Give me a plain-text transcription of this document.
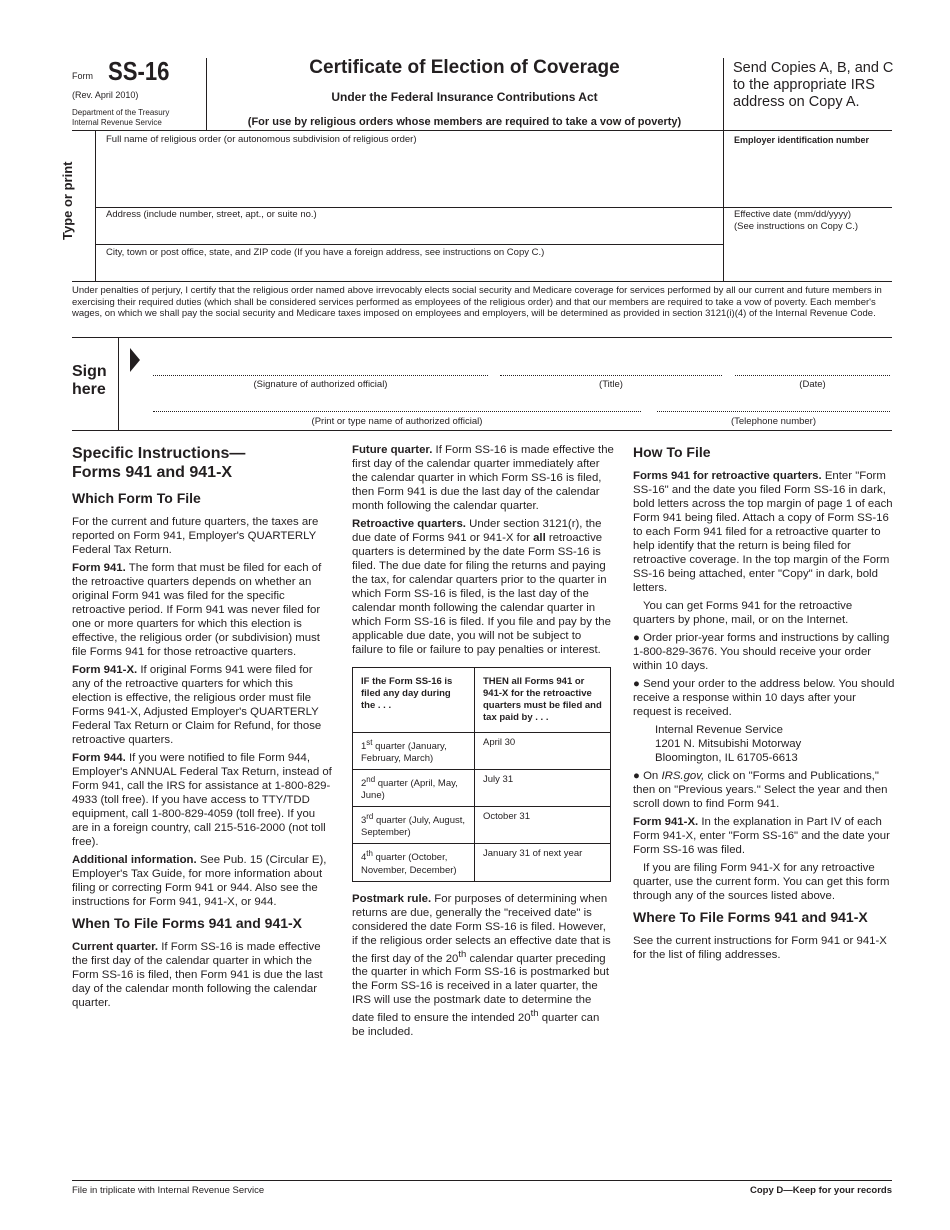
Form SS-16
(Rev. April 2010)
Department of the Treasury
Internal Revenue Service
Certificate of Election of Coverage
Under the Federal Insurance Contributions Act
(For use by religious orders whose members are required to take a vow of poverty)
Send Copies A, B, and C to the appropriate IRS address on Copy A.
Type or print
Full name of religious order (or autonomous subdivision of religious order)	Employer identification number
Address (include number, street, apt., or suite no.)	Effective date (mm/dd/yyyy)
(See instructions on Copy C.)
City, town or post office, state, and ZIP code (If you have a foreign address, see instructions on Copy C.)
Under penalties of perjury, I certify that the religious order named above irrevocably elects social security and Medicare coverage for services performed by all our current and future members in exercising their required duties (which shall be considered services performed as employees of the religious order) and that our members are required to take a vow of poverty. Each member's wages, on which we shall pay the social security and Medicare taxes imposed on employees and employers, will be determined as provided in section 3121(i)(4) of the Internal Revenue Code.
Sign
here	(Signature of authorized official)	(Title)	(Date)
(Print or type name of authorized official)	(Telephone number)
Specific Instructions—
Forms 941 and 941-X
Which Form To File

For the current and future quarters, the taxes are reported on Form 941, Employer's QUARTERLY Federal Tax Return.

Form 941. The form that must be filed for each of the retroactive quarters depends on whether an original Form 941 was filed for the specific retroactive period. If Form 941 was never filed for one or more quarters for which this election is effective, the religious order (or subdivision) must file Forms 941 for those retroactive quarters.

Form 941-X. If original Forms 941 were filed for any of the retroactive quarters for which this election is effective, the religious order must file Forms 941-X, Adjusted Employer's QUARTERLY Federal Tax Return or Claim for Refund, for those retroactive quarters.

Form 944. If you were notified to file Form 944, Employer's ANNUAL Federal Tax Return, instead of Form 941, call the IRS for assistance at 1-800-829-4933 (toll free). If you have access to TTY/TDD equipment, call 1-800-829-4059 (toll free). If you are in a foreign country, call 215-516-2000 (not toll free).

Additional information. See Pub. 15 (Circular E), Employer's Tax Guide, for more information about filing or correcting Form 941 or 944. Also see the instructions for Form 941, 941-X, or 944.

When To File Forms 941 and 941-X

Current quarter. If Form SS-16 is made effective the first day of the calendar quarter in which the Form SS-16 is filed, then Form 941 is due the last day of the calendar month following the calendar quarter.

Future quarter. If Form SS-16 is made effective the first day of the calendar quarter immediately after the calendar quarter in which Form SS-16 is filed, then Form 941 is due the last day of the calendar month following the calendar quarter.

Retroactive quarters. Under section 3121(r), the due date of Forms 941 or 941-X for all retroactive quarters is determined by the date Form SS-16 is filed. The due date for filing the returns and paying the tax, for calendar quarters prior to the quarter in which Form SS-16 is filed, is the last day of the calendar month following the calendar quarter in which Form SS-16 is filed. If you file and pay by the applicable due date, you will not be subject to failure to file or failure to pay penalties or interest.

IF the Form SS-16 is filed any day during the . . .	THEN all Forms 941 or 941-X for the retroactive quarters must be filed and tax paid by . . .
1st quarter (January, February, March)	April 30
2nd quarter (April, May, June)	July 31
3rd quarter (July, August, September)	October 31
4th quarter (October, November, December)	January 31 of next year

Postmark rule. For purposes of determining when returns are due, generally the "received date" is considered the date Form SS-16 is filed. However, if the religious order selects an effective date that is the first day of the 20th calendar quarter preceding the quarter in which Form SS-16 is postmarked but the Form SS-16 is received in a later quarter, the IRS will use the postmark date to determine the date filed to ensure the intended 20th quarter can be included.

How To File

Forms 941 for retroactive quarters. Enter "Form SS-16" and the date you filed Form SS-16 in dark, bold letters across the top margin of page 1 of each Form 941 being filed. Attach a copy of Form SS-16 to each Form 941 filed for a retroactive quarter to help identify that the return is being filed for retroactive coverage. In the top margin of the Form SS-16 being attached, enter "Copy" in dark, bold letters.

You can get Forms 941 for the retroactive quarters by phone, mail, or on the Internet.

● Order prior-year forms and instructions by calling 1-800-829-3676. You should receive your order within 10 days.

● Send your order to the address below. You should receive a response within 10 days after your request is received.

Internal Revenue Service
1201 N. Mitsubishi Motorway
Bloomington, IL 61705-6613

● On IRS.gov, click on "Forms and Publications," then on "Previous years." Select the year and then scroll down to find Form 941.

Form 941-X. In the explanation in Part IV of each Form 941-X, enter "Form SS-16" and the date your Form SS-16 was filed.

If you are filing Form 941-X for any retroactive quarter, use the current form. You can get this form through any of the sources listed above.

Where To File Forms 941 and 941-X

See the current instructions for Form 941 or 941-X for the list of filing addresses.

File in triplicate with Internal Revenue Service	Copy D—Keep for your records
